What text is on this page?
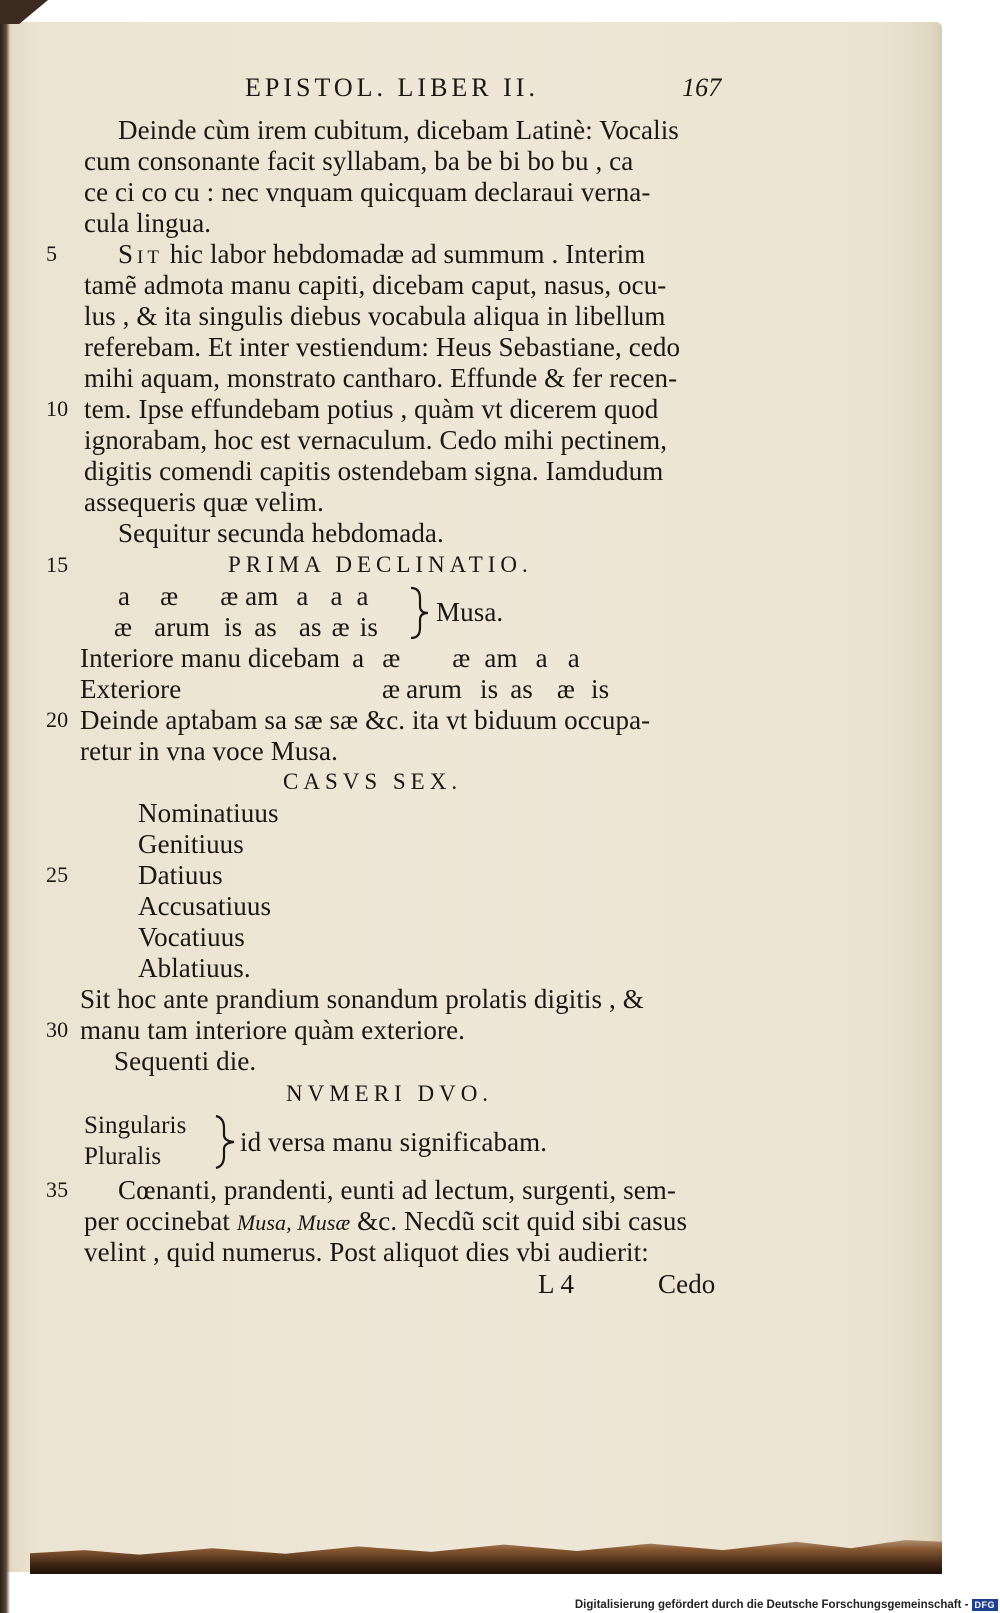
EPISTOL. LIBER II.	167
Deinde cùm irem cubitum, dicebam Latinè: Vocalis
cum consonante facit syllabam, ba be bi bo bu , ca
ce ci co cu : nec vnquam quicquam declaraui verna-
cula lingua.
5	Sit hic labor hebdomadæ ad summum . Interim
tamẽ admota manu capiti, dicebam caput, nasus, ocu-
lus , & ita singulis diebus vocabula aliqua in libellum
referebam. Et inter vestiendum: Heus Sebastiane, cedo
mihi aquam, monstrato cantharo. Effunde & fer recen-
10 tem. Ipse effundebam potius , quàm vt dicerem quod
ignorabam, hoc est vernaculum. Cedo mihi pectinem,
digitis comendi capitis ostendebam signa. Iamdudum
assequeris quæ velim.
Sequitur secunda hebdomada.
15	PRIMA DECLINATIO.
a æ æ am a a a
æ arum is as as æ is Musa.
Interiore manu dicebam a æ æ am a a
Exteriore	æ arum is as æ is
20 Deinde aptabam sa sæ sæ &c. ita vt biduum occupa-
retur in vna voce Musa.
CASVS SEX.
Nominatiuus
Genitiuus
25	Datiuus
Accusatiuus
Vocatiuus
Ablatiuus.
Sit hoc ante prandium sonandum prolatis digitis , &
30 manu tam interiore quàm exteriore.
Sequenti die.
NVMERI DVO.
Singularis
Pluralis	id versa manu significabam.
35 Cœnanti, prandenti, eunti ad lectum, surgenti, sem-
per occinebat Musa, Musæ &c. Necdũ scit quid sibi casus
velint , quid numerus. Post aliquot dies vbi audierit:
L 4	Cedo
Digitalisierung gefördert durch die Deutsche Forschungsgemeinschaft - DFG
